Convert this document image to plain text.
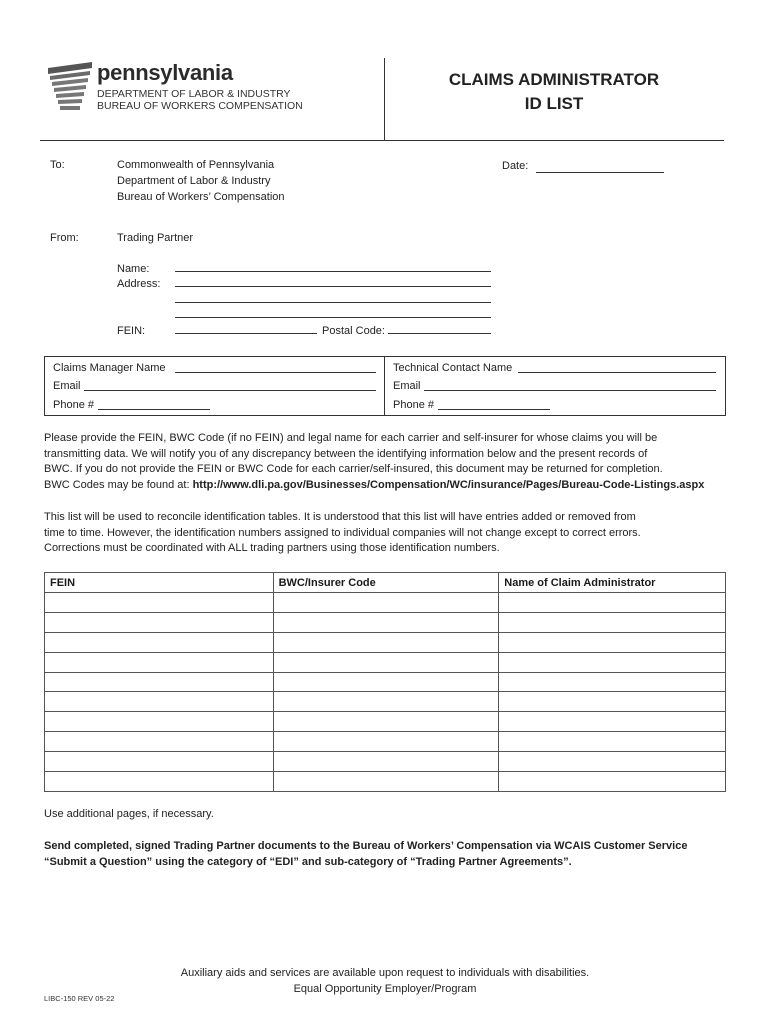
pennsylvania
DEPARTMENT OF LABOR & INDUSTRY
BUREAU OF WORKERS COMPENSATION
CLAIMS ADMINISTRATOR
ID LIST
To:	Commonwealth of Pennsylvania
Department of Labor & Industry
Bureau of Workers’ Compensation
Date:
From:	Trading Partner
Name:
Address:
FEIN:	Postal Code:
Claims Manager Name
Email
Phone #
Technical Contact Name
Email
Phone #
Please provide the FEIN, BWC Code (if no FEIN) and legal name for each carrier and self-insurer for whose claims you will be
transmitting data. We will notify you of any discrepancy between the identifying information below and the present records of
BWC. If you do not provide the FEIN or BWC Code for each carrier/self-insured, this document may be returned for completion.
BWC Codes may be found at: http://www.dli.pa.gov/Businesses/Compensation/WC/insurance/Pages/Bureau-Code-Listings.aspx
This list will be used to reconcile identification tables. It is understood that this list will have entries added or removed from
time to time. However, the identification numbers assigned to individual companies will not change except to correct errors.
Corrections must be coordinated with ALL trading partners using those identification numbers.
FEIN	BWC/Insurer Code	Name of Claim Administrator

Use additional pages, if necessary.
Send completed, signed Trading Partner documents to the Bureau of Workers’ Compensation via WCAIS Customer Service
“Submit a Question” using the category of “EDI” and sub-category of “Trading Partner Agreements”.
Auxiliary aids and services are available upon request to individuals with disabilities.
Equal Opportunity Employer/Program
LIBC-150 REV 05-22
